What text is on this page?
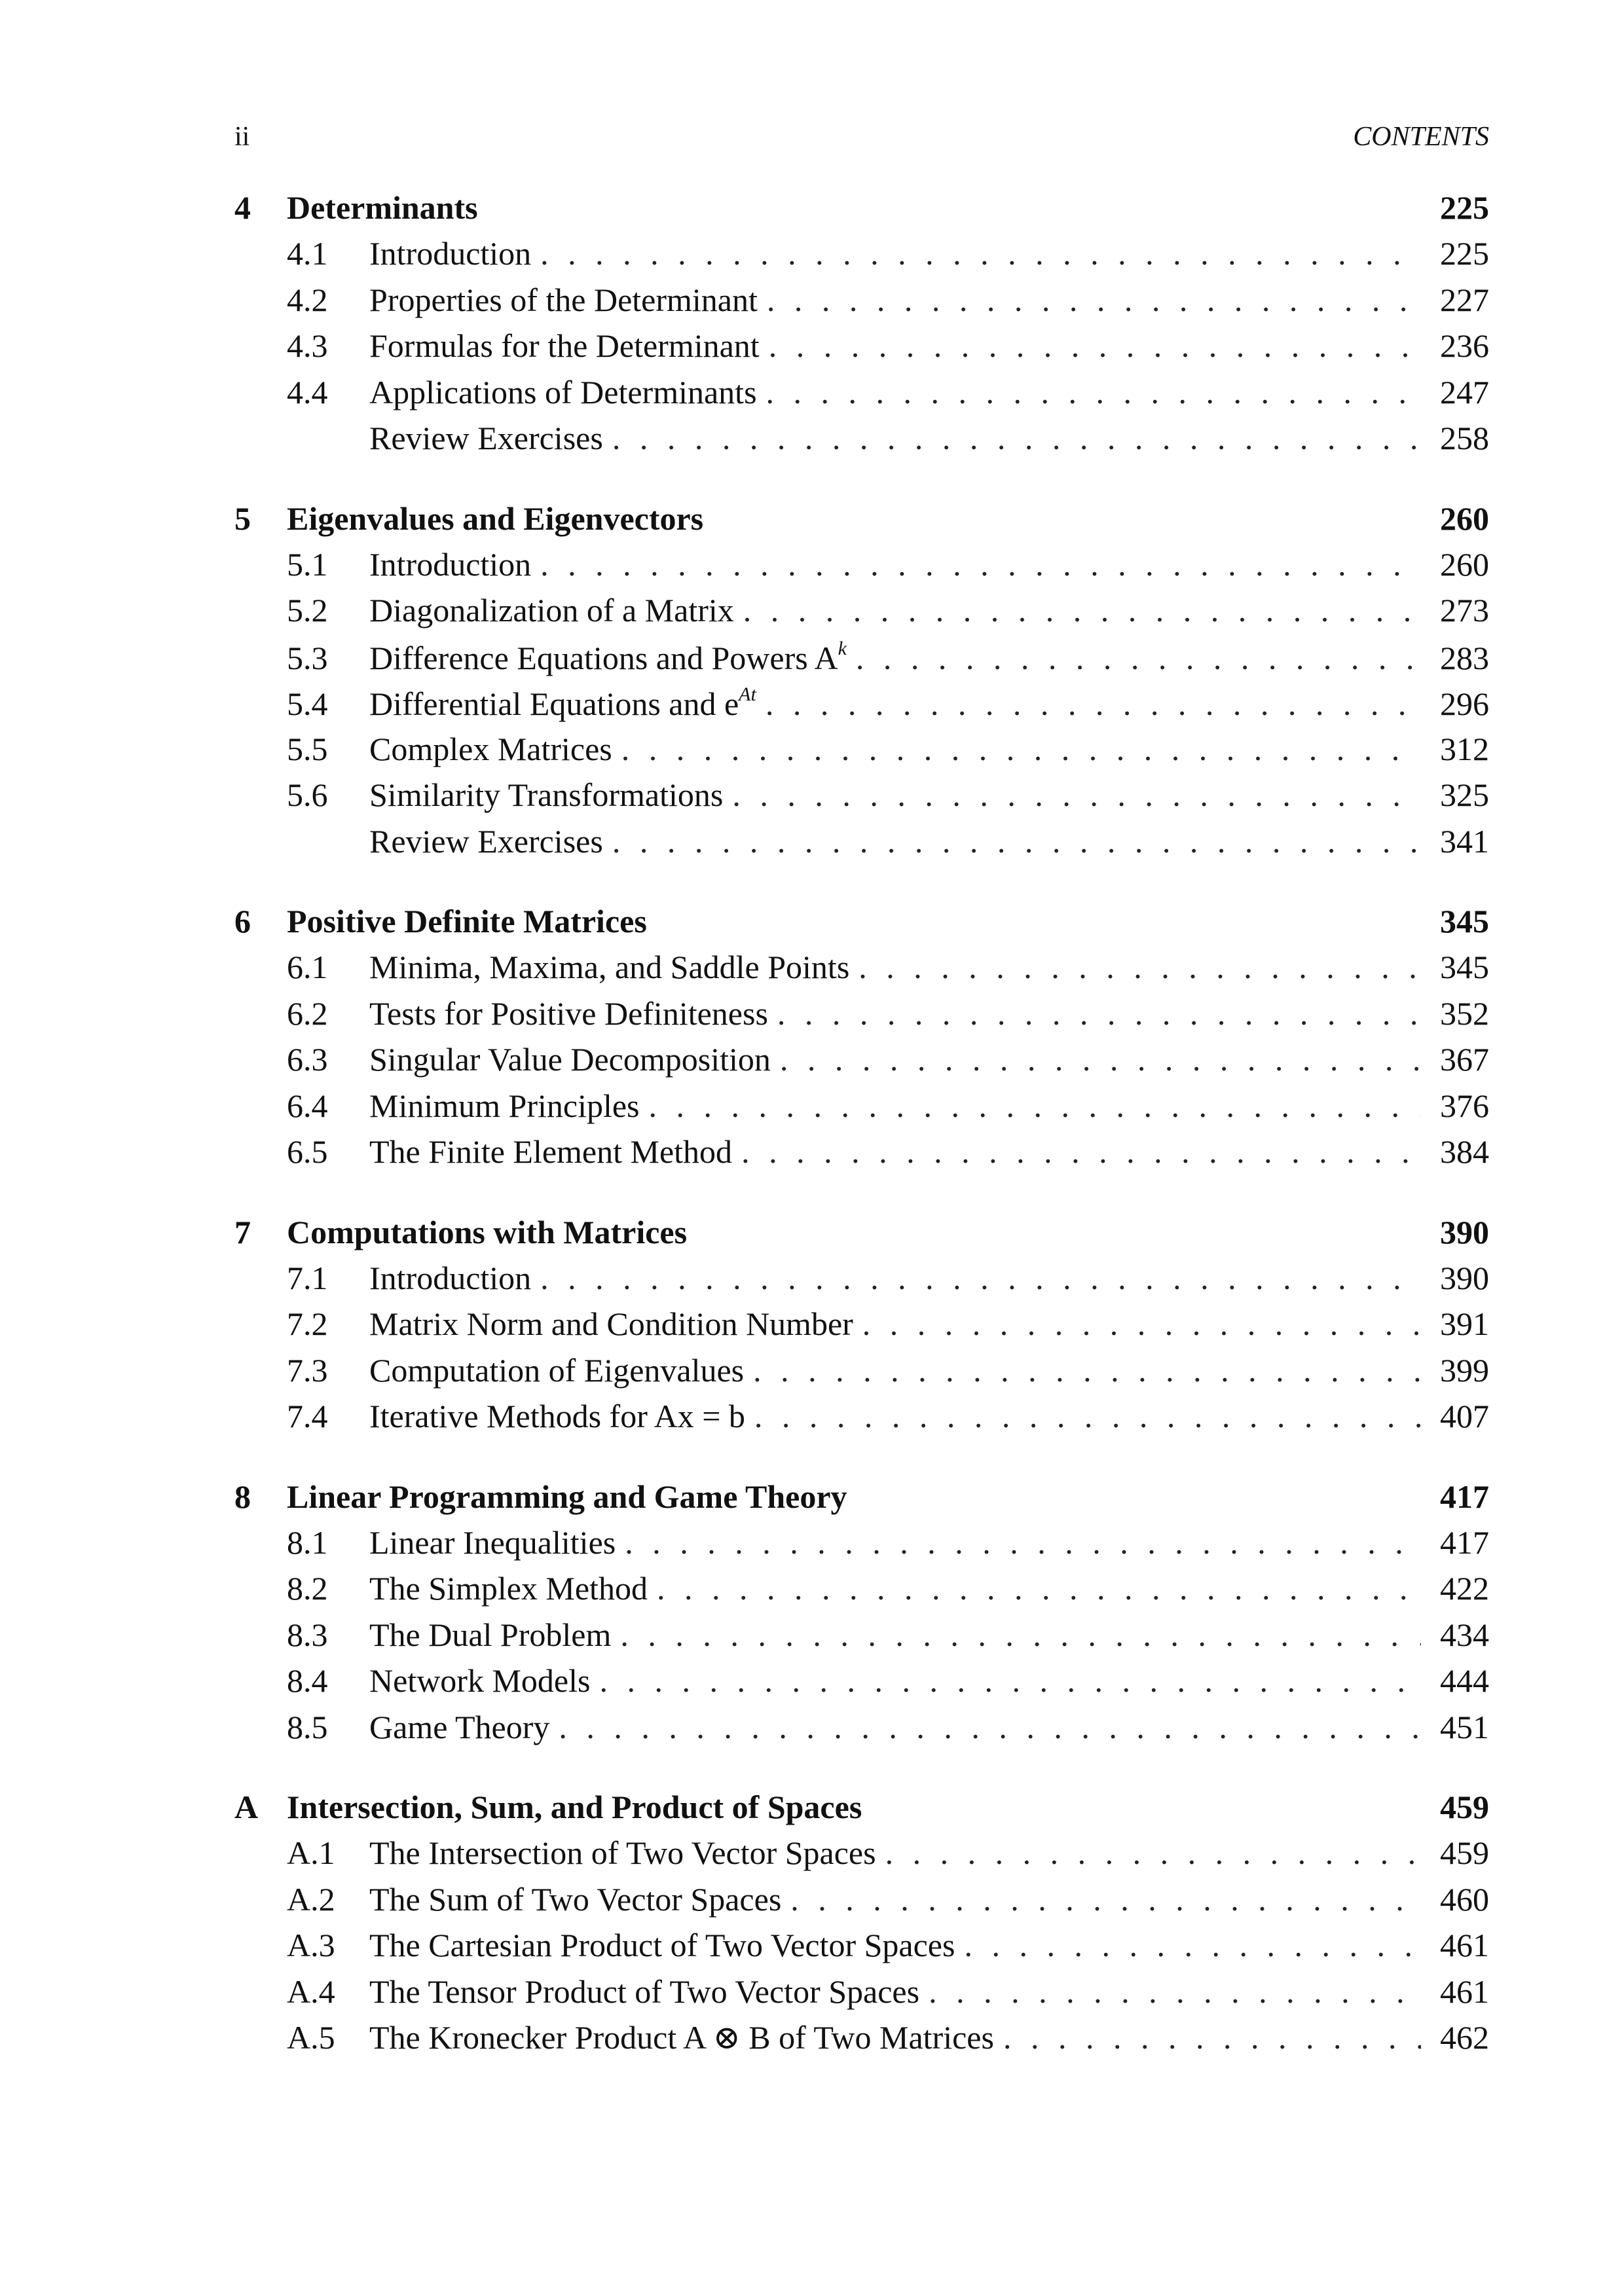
ii	CONTENTS
4	Determinants	225
4.1	Introduction . . .	225
4.2	Properties of the Determinant . . .	227
4.3	Formulas for the Determinant . . .	236
4.4	Applications of Determinants . . .	247
Review Exercises . . .	258
5	Eigenvalues and Eigenvectors	260
5.1	Introduction . . .	260
5.2	Diagonalization of a Matrix . . .	273
5.3	Difference Equations and Powers $A^k$ . . .	283
5.4	Differential Equations and $e^{At}$ . . .	296
5.5	Complex Matrices . . .	312
5.6	Similarity Transformations . . .	325
Review Exercises . . .	341
6	Positive Definite Matrices	345
6.1	Minima, Maxima, and Saddle Points . . .	345
6.2	Tests for Positive Definiteness . . .	352
6.3	Singular Value Decomposition . . .	367
6.4	Minimum Principles . . .	376
6.5	The Finite Element Method . . .	384
7	Computations with Matrices	390
7.1	Introduction . . .	390
7.2	Matrix Norm and Condition Number . . .	391
7.3	Computation of Eigenvalues . . .	399
7.4	Iterative Methods for Ax = b . . .	407
8	Linear Programming and Game Theory	417
8.1	Linear Inequalities . . .	417
8.2	The Simplex Method . . .	422
8.3	The Dual Problem . . .	434
8.4	Network Models . . .	444
8.5	Game Theory . . .	451
A Intersection, Sum, and Product of Spaces	459
A.1	The Intersection of Two Vector Spaces . . .	459
A.2	The Sum of Two Vector Spaces . . .	460
A.3	The Cartesian Product of Two Vector Spaces . . .	461
A.4	The Tensor Product of Two Vector Spaces . . .	461
A.5	The Kronecker Product A ⊗ B of Two Matrices . . .	462
